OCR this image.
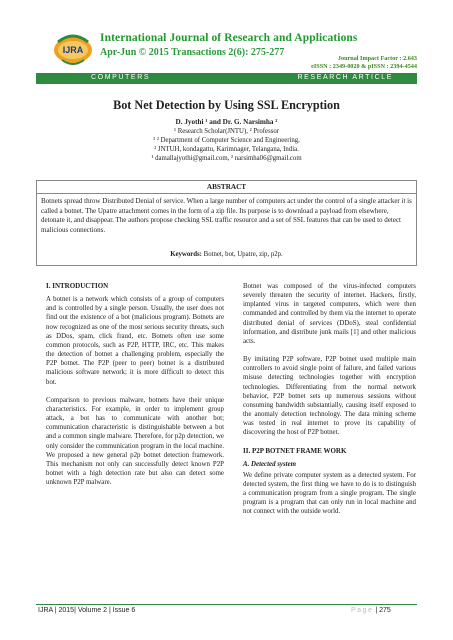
IJRA
International Journal of Research and Applications
Apr-Jun © 2015 Transactions 2(6): 275-277
Journal Impact Factor : 2.643
eISSN : 2349-0020 & pISSN : 2394-4544
COMPUTERS	RESEARCH ARTICLE
Bot Net Detection by Using SSL Encryption
D. Jyothi ¹ and Dr. G. Narsimha ²
¹ Research Scholar(JNTU), ² Professor
¹ ² Department of Computer Science and Engineering,
² JNTUH, kondagattu, Karimnager, Telangana, India.
¹ damallajyothi@gmail.com, ² narsimha06@gmail.com
ABSTRACT
Botnets spread throw Distributed Denial of service. When a large number of computers act under the control of a single attacker it is called a botnet. The Upatre attachment comes in the form of a zip file. Its purpose is to download a payload from elsewhere, detonate it, and disappear. The authors propose checking SSL traffic resource and a set of SSL features that can be used to detect malicious connections.
Keywords: Botnet, bot, Upatre, zip, p2p.
I. INTRODUCTION

A botnet is a network which consists of a group of computers and is controlled by a single person. Usually, the user does not find out the existence of a bot (malicious program). Botnets are now recognized as one of the most serious security threats, such as DDos, spam, click fraud, etc. Botnets often use some common protocols, such as P2P, HTTP, IRC, etc. This makes the detection of botnet a challenging problem, especially the P2P botnet. The P2P (peer to peer) botnet is a distributed malicious software network; it is more difficult to detect this bot.

Comparison to previous malware, botnets have their unique characteristics. For example, in order to implement group attack, a bot has to communicate with another bot; communication characteristic is distinguishable between a bot and a common single malware. Therefore, for p2p detection, we only consider the communication program in the local machine. We proposed a new general p2p botnet detection framework. This mechanism not only can successfully detect known P2P botnet with a high detection rate but also can detect some unknown P2P malware.

Botnet was composed of the virus-infected computers severely threaten the security of internet. Hackers, firstly, implanted virus in targeted computers, which were then commanded and controlled by them via the internet to operate distributed denial of services (DDoS), steal confidential information, and distribute junk mails [1] and other malicious acts.

By imitating P2P software, P2P botnet used multiple main controllers to avoid single point of failure, and failed various misuse detecting technologies together with encryption technologies. Differentiating from the normal network behavior, P2P botnet sets up numerous sessions without consuming bandwidth substantially, causing itself exposed to the anomaly detection technology. The data mining scheme was tested in real internet to prove its capability of discovering the host of P2P botnet.

II. P2P BOTNET FRAME WORK
A. Detected system

We define private computer system as a detected system. For detected system, the first thing we have to do is to distinguish a communication program from a single program. The single program is a program that can only run in local machine and not connect with the outside world.

IJRA | 2015| Volume 2 | Issue 6	Page | 275
